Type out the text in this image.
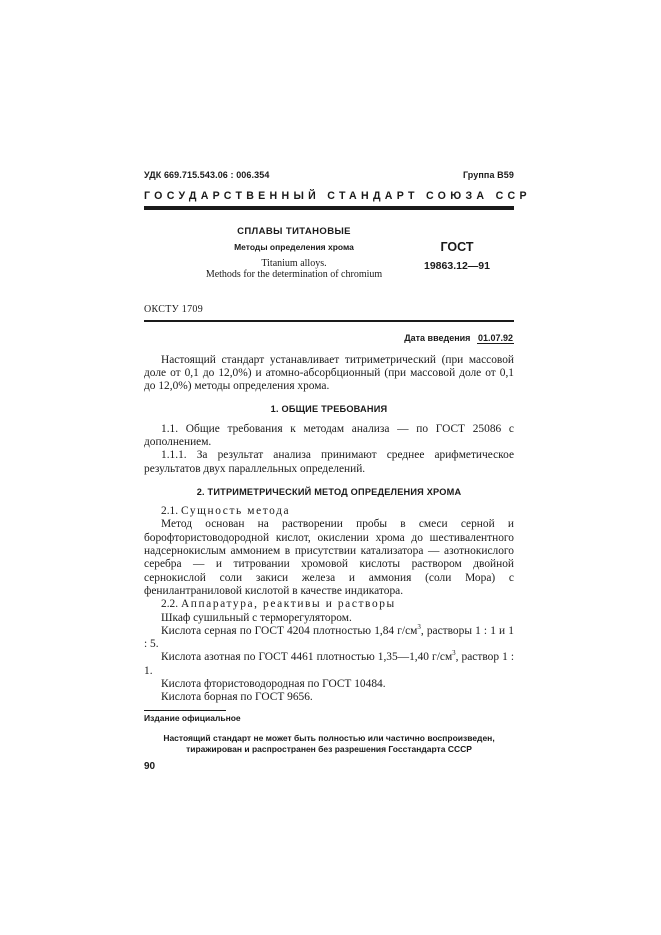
УДК 669.715.543.06 : 006.354	Группа В59
ГОСУДАРСТВЕННЫЙ СТАНДАРТ СОЮЗА ССР
СПЛАВЫ ТИТАНОВЫЕ
Методы определения хрома
Titanium alloys.
Methods for the determination of chromium
ГОСТ
19863.12—91
ОКСТУ 1709
Дата введения 01.07.92

Настоящий стандарт устанавливает титриметрический (при массовой доле от 0,1 до 12,0%) и атомно-абсорбционный (при массовой доле от 0,1 до 12,0%) методы определения хрома.

1. ОБЩИЕ ТРЕБОВАНИЯ

1.1. Общие требования к методам анализа — по ГОСТ 25086 с дополнением.

1.1.1. За результат анализа принимают среднее арифметическое результатов двух параллельных определений.

2. ТИТРИМЕТРИЧЕСКИЙ МЕТОД ОПРЕДЕЛЕНИЯ ХРОМА

2.1. Сущность метода

Метод основан на растворении пробы в смеси серной и борофтористоводородной кислот, окислении хрома до шестивалентного надсернокислым аммонием в присутствии катализатора — азотнокислого серебра — и титровании хромовой кислоты раствором двойной сернокислой соли закиси железа и аммония (соли Мора) с фенилантраниловой кислотой в качестве индикатора.

2.2. Аппаратура, реактивы и растворы

Шкаф сушильный с терморегулятором.

Кислота серная по ГОСТ 4204 плотностью 1,84 $г/см^3$, растворы 1 : 1 и 1 : 5.

Кислота азотная по ГОСТ 4461 плотностью 1,35—1,40 $г/см^3$, раствор 1 : 1.

Кислота фтористоводородная по ГОСТ 10484.

Кислота борная по ГОСТ 9656.

Издание официальное
Настоящий стандарт не может быть полностью или частично воспроизведен,
тиражирован и распространен без разрешения Госстандарта СССР
90
